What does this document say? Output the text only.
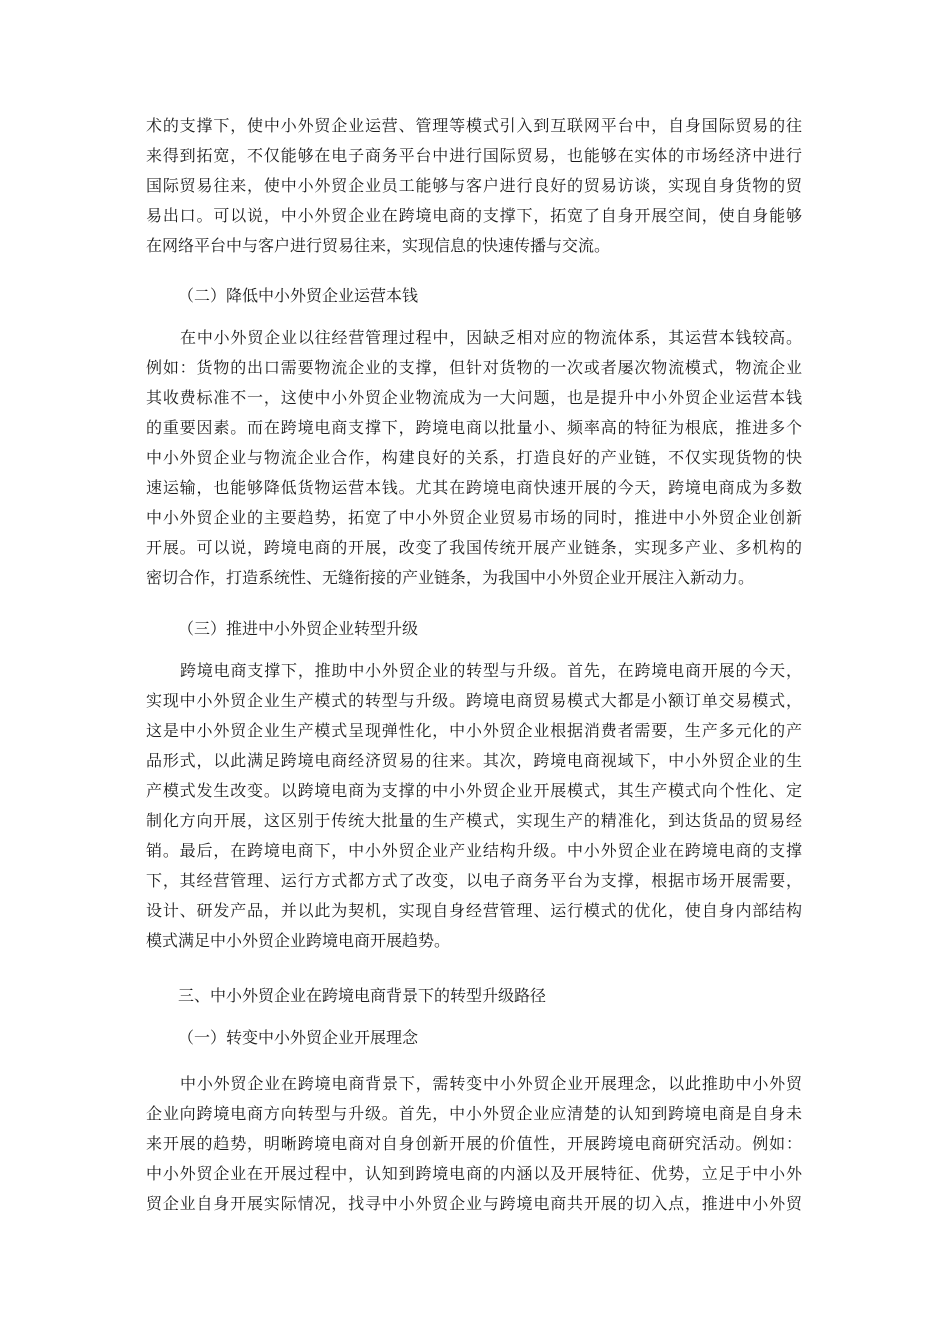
术的支撑下，使中小外贸企业运营、管理等模式引入到互联网平台中，自身国际贸易的往
来得到拓宽，不仅能够在电子商务平台中进行国际贸易，也能够在实体的市场经济中进行
国际贸易往来，使中小外贸企业员工能够与客户进行良好的贸易访谈，实现自身货物的贸
易出口。可以说，中小外贸企业在跨境电商的支撑下，拓宽了自身开展空间，使自身能够
在网络平台中与客户进行贸易往来，实现信息的快速传播与交流。
（二）降低中小外贸企业运营本钱
在中小外贸企业以往经营管理过程中，因缺乏相对应的物流体系，其运营本钱较高。
例如：货物的出口需要物流企业的支撑，但针对货物的一次或者屡次物流模式，物流企业
其收费标准不一，这使中小外贸企业物流成为一大问题，也是提升中小外贸企业运营本钱
的重要因素。而在跨境电商支撑下，跨境电商以批量小、频率高的特征为根底，推进多个
中小外贸企业与物流企业合作，构建良好的关系，打造良好的产业链，不仅实现货物的快
速运输，也能够降低货物运营本钱。尤其在跨境电商快速开展的今天，跨境电商成为多数
中小外贸企业的主要趋势，拓宽了中小外贸企业贸易市场的同时，推进中小外贸企业创新
开展。可以说，跨境电商的开展，改变了我国传统开展产业链条，实现多产业、多机构的
密切合作，打造系统性、无缝衔接的产业链条，为我国中小外贸企业开展注入新动力。
（三）推进中小外贸企业转型升级
跨境电商支撑下，推助中小外贸企业的转型与升级。首先，在跨境电商开展的今天，
实现中小外贸企业生产模式的转型与升级。跨境电商贸易模式大都是小额订单交易模式，
这是中小外贸企业生产模式呈现弹性化，中小外贸企业根据消费者需要，生产多元化的产
品形式，以此满足跨境电商经济贸易的往来。其次，跨境电商视域下，中小外贸企业的生
产模式发生改变。以跨境电商为支撑的中小外贸企业开展模式，其生产模式向个性化、定
制化方向开展，这区别于传统大批量的生产模式，实现生产的精准化，到达货品的贸易经
销。最后，在跨境电商下，中小外贸企业产业结构升级。中小外贸企业在跨境电商的支撑
下，其经营管理、运行方式都方式了改变，以电子商务平台为支撑，根据市场开展需要，
设计、研发产品，并以此为契机，实现自身经营管理、运行模式的优化，使自身内部结构
模式满足中小外贸企业跨境电商开展趋势。
三、中小外贸企业在跨境电商背景下的转型升级路径
（一）转变中小外贸企业开展理念
中小外贸企业在跨境电商背景下，需转变中小外贸企业开展理念，以此推助中小外贸
企业向跨境电商方向转型与升级。首先，中小外贸企业应清楚的认知到跨境电商是自身未
来开展的趋势，明晰跨境电商对自身创新开展的价值性，开展跨境电商研究活动。例如：
中小外贸企业在开展过程中，认知到跨境电商的内涵以及开展特征、优势，立足于中小外
贸企业自身开展实际情况，找寻中小外贸企业与跨境电商共开展的切入点，推进中小外贸
